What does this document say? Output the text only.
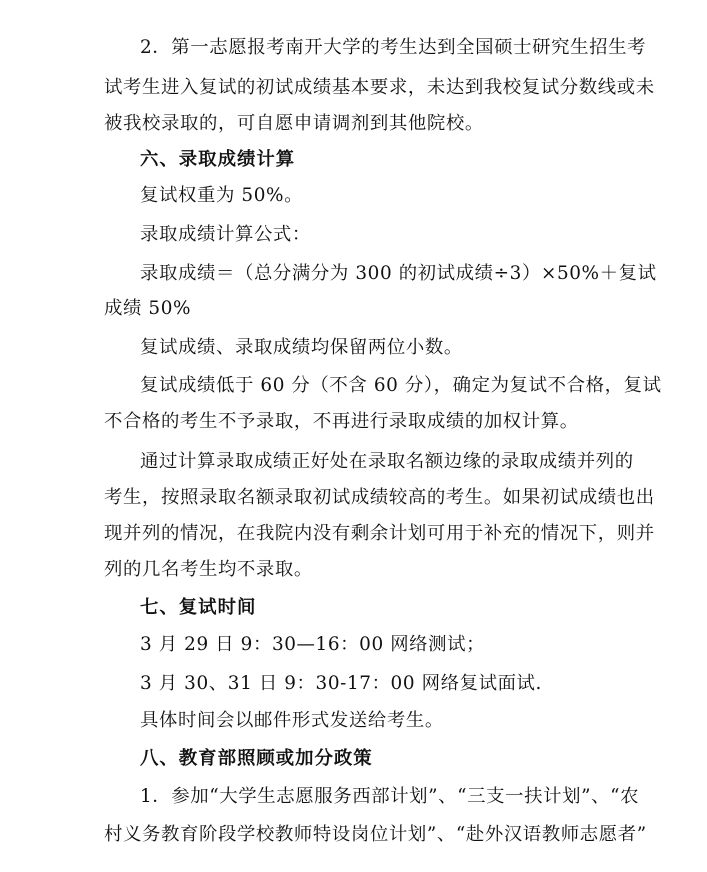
2．第一志愿报考南开大学的考生达到全国硕士研究生招生考
试考生进入复试的初试成绩基本要求，未达到我校复试分数线或未
被我校录取的，可自愿申请调剂到其他院校。
六、录取成绩计算
复试权重为 50%。
录取成绩计算公式：
录取成绩＝（总分满分为 300 的初试成绩÷3）×50%＋复试
成绩 50%
复试成绩、录取成绩均保留两位小数。
复试成绩低于 60 分（不含 60 分），确定为复试不合格，复试
不合格的考生不予录取，不再进行录取成绩的加权计算。
通过计算录取成绩正好处在录取名额边缘的录取成绩并列的
考生，按照录取名额录取初试成绩较高的考生。如果初试成绩也出
现并列的情况，在我院内没有剩余计划可用于补充的情况下，则并
列的几名考生均不录取。
七、复试时间
3 月 29 日 9：30—16：00 网络测试；
3 月 30、31 日 9：30-17：00 网络复试面试.
具体时间会以邮件形式发送给考生。
八、教育部照顾或加分政策
1．参加“大学生志愿服务西部计划”、“三支一扶计划”、“农
村义务教育阶段学校教师特设岗位计划”、“赴外汉语教师志愿者”
